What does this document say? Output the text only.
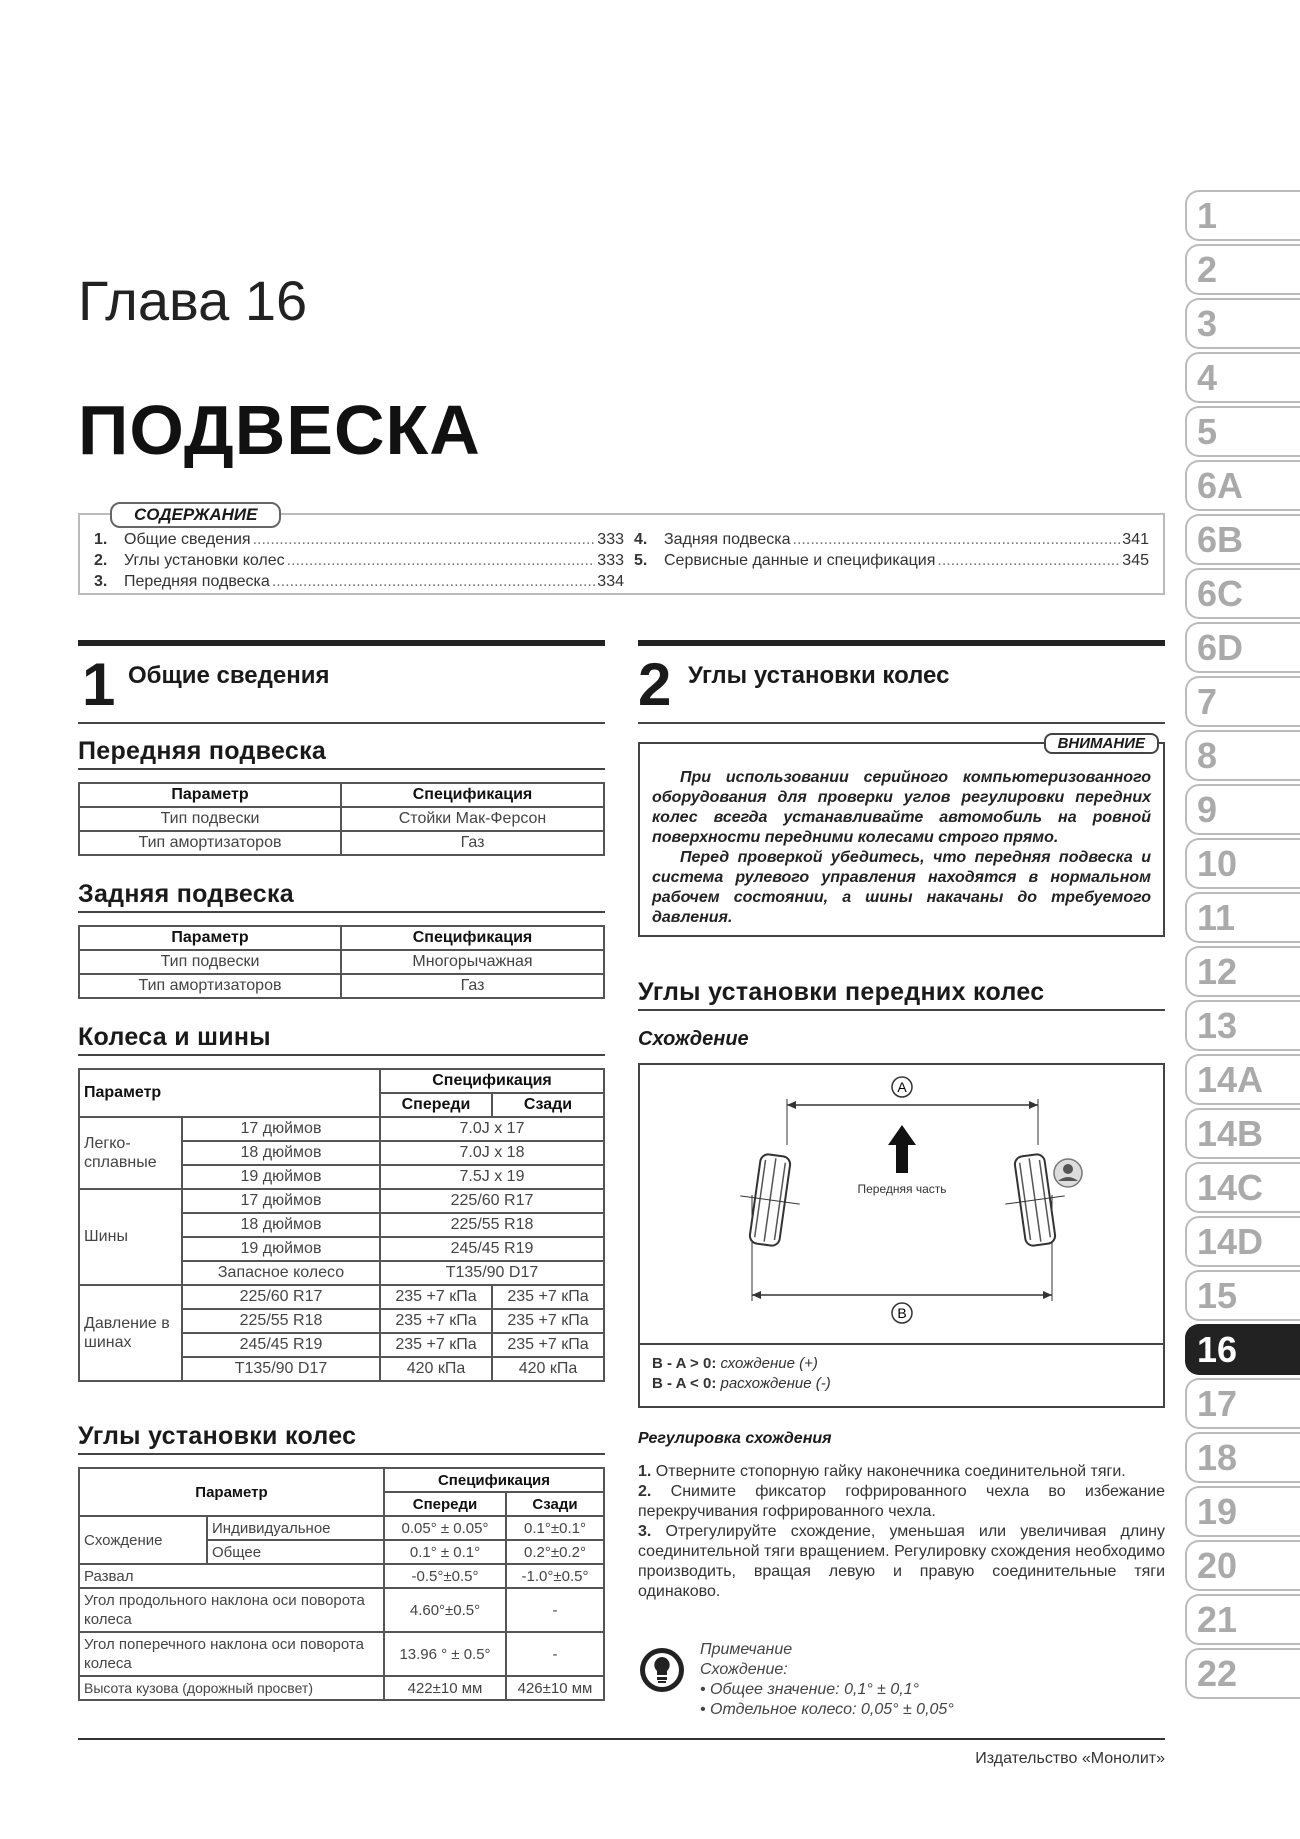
Глава 16
ПОДВЕСКА
СОДЕРЖАНИЕ
1.	Общие сведения .....	333
2.	Углы установки колес .....	333
3.	Передняя подвеска .....	334
4.	Задняя подвеска .....	341
5.	Сервисные данные и спецификация .....	345
1 Общие сведения
Передняя подвеска
Параметр	Спецификация
Тип подвески	Стойки Мак-Ферсон
Тип амортизаторов	Газ
Задняя подвеска
Параметр	Спецификация
Тип подвески	Многорычажная
Тип амортизаторов	Газ
Колеса и шины
Параметр		Спецификация	
		Спереди	Сзади
Легко-сплавные	17 дюймов	7.0J x 17	
	18 дюймов	7.0J x 18	
	19 дюймов	7.5J x 19	
Шины	17 дюймов	225/60 R17	
	18 дюймов	225/55 R18	
	19 дюймов	245/45 R19	
	Запасное колесо	T135/90 D17	
Давление в шинах	225/60 R17	235 +7 кПа	235 +7 кПа
	225/55 R18	235 +7 кПа	235 +7 кПа
	245/45 R19	235 +7 кПа	235 +7 кПа
	T135/90 D17	420 кПа	420 кПа
Углы установки колес
Параметр		Спецификация	
		Спереди	Сзади
Схождение	Индивидуальное	0.05° ± 0.05°	0.1°±0.1°
	Общее	0.1° ± 0.1°	0.2°±0.2°
Развал		-0.5°±0.5°	-1.0°±0.5°
Угол продольного наклона оси поворота колеса		4.60°±0.5°	-
Угол поперечного наклона оси поворота колеса		13.96 ° ± 0.5°	-
Высота кузова (дорожный просвет)		422±10 мм	426±10 мм
2 Углы установки колес
ВНИМАНИЕ

При использовании серийного компьютеризованного оборудования для проверки углов регулировки передних колес всегда устанавливайте автомобиль на ровной поверхности передними колесами строго прямо.

Перед проверкой убедитесь, что передняя подвеска и система рулевого управления находятся в нормальном рабочем состоянии, а шины накачаны до требуемого давления.

Углы установки передних колес
Схождение
A
B
Передняя часть
B - A > 0: схождение (+)
B - A < 0: расхождение (-)
Регулировка схождения

1. Отверните стопорную гайку наконечника соединительной тяги.

2. Снимите фиксатор гофрированного чехла во избежание перекручивания гофрированного чехла.

3. Отрегулируйте схождение, уменьшая или увеличивая длину соединительной тяги вращением. Регулировку схождения необходимо производить, вращая левую и правую соединительные тяги одинаково.

Примечание
Схождение:
• Общее значение: 0,1° ± 0,1°
• Отдельное колесо: 0,05° ± 0,05°
Издательство «Монолит»
1
2
3
4
5
6A
6B
6C
6D
7
8
9
10
11
12
13
14A
14B
14C
14D
15
16
17
18
19
20
21
22
